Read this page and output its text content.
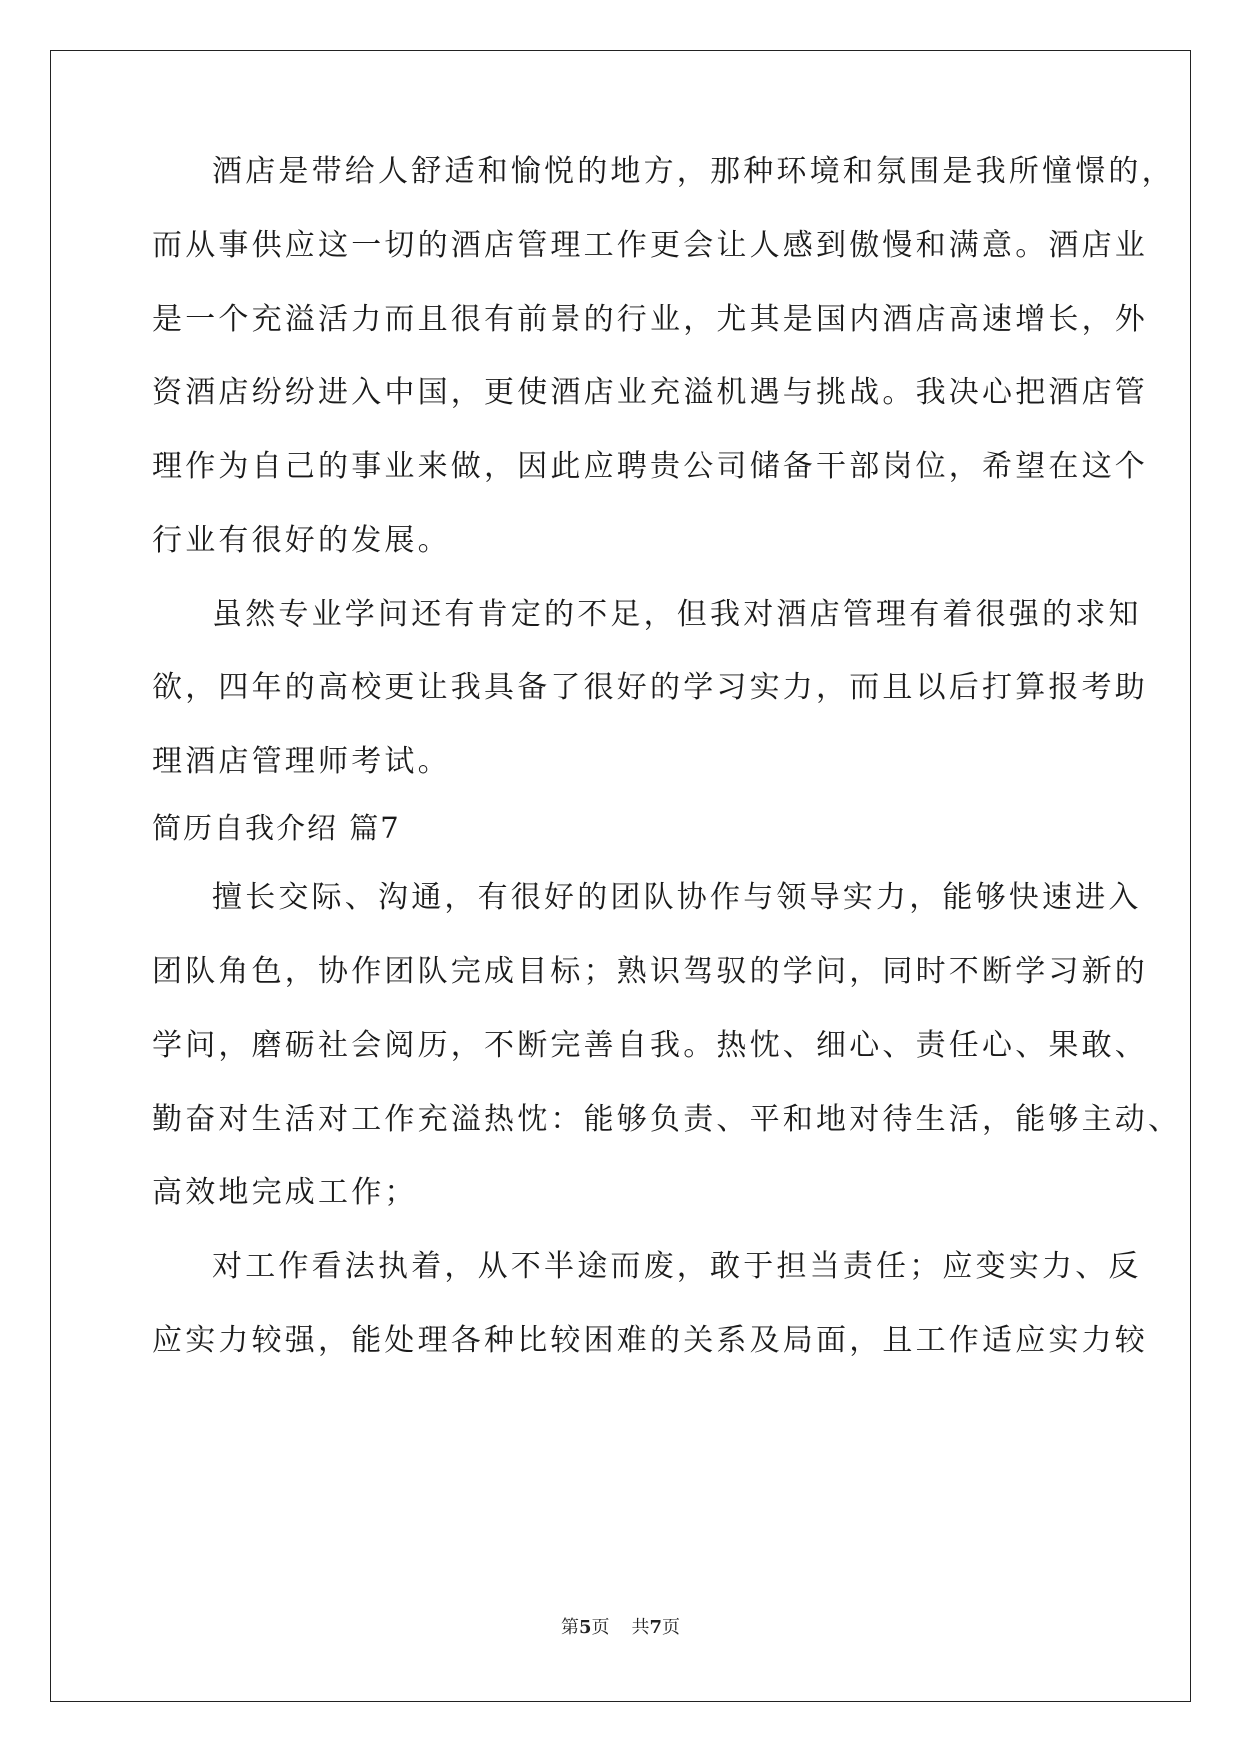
酒店是带给人舒适和愉悦的地方，那种环境和氛围是我所憧憬的，
而从事供应这一切的酒店管理工作更会让人感到傲慢和满意。酒店业
是一个充溢活力而且很有前景的行业，尤其是国内酒店高速增长，外
资酒店纷纷进入中国，更使酒店业充溢机遇与挑战。我决心把酒店管
理作为自己的事业来做，因此应聘贵公司储备干部岗位，希望在这个
行业有很好的发展。
虽然专业学问还有肯定的不足，但我对酒店管理有着很强的求知
欲，四年的高校更让我具备了很好的学习实力，而且以后打算报考助
理酒店管理师考试。
简历自我介绍 篇7
擅长交际、沟通，有很好的团队协作与领导实力，能够快速进入
团队角色，协作团队完成目标；熟识驾驭的学问，同时不断学习新的
学问，磨砺社会阅历，不断完善自我。热忱、细心、责任心、果敢、
勤奋对生活对工作充溢热忱：能够负责、平和地对待生活，能够主动、
高效地完成工作；
对工作看法执着，从不半途而废，敢于担当责任；应变实力、反
应实力较强，能处理各种比较困难的关系及局面，且工作适应实力较
第5页 共7页
